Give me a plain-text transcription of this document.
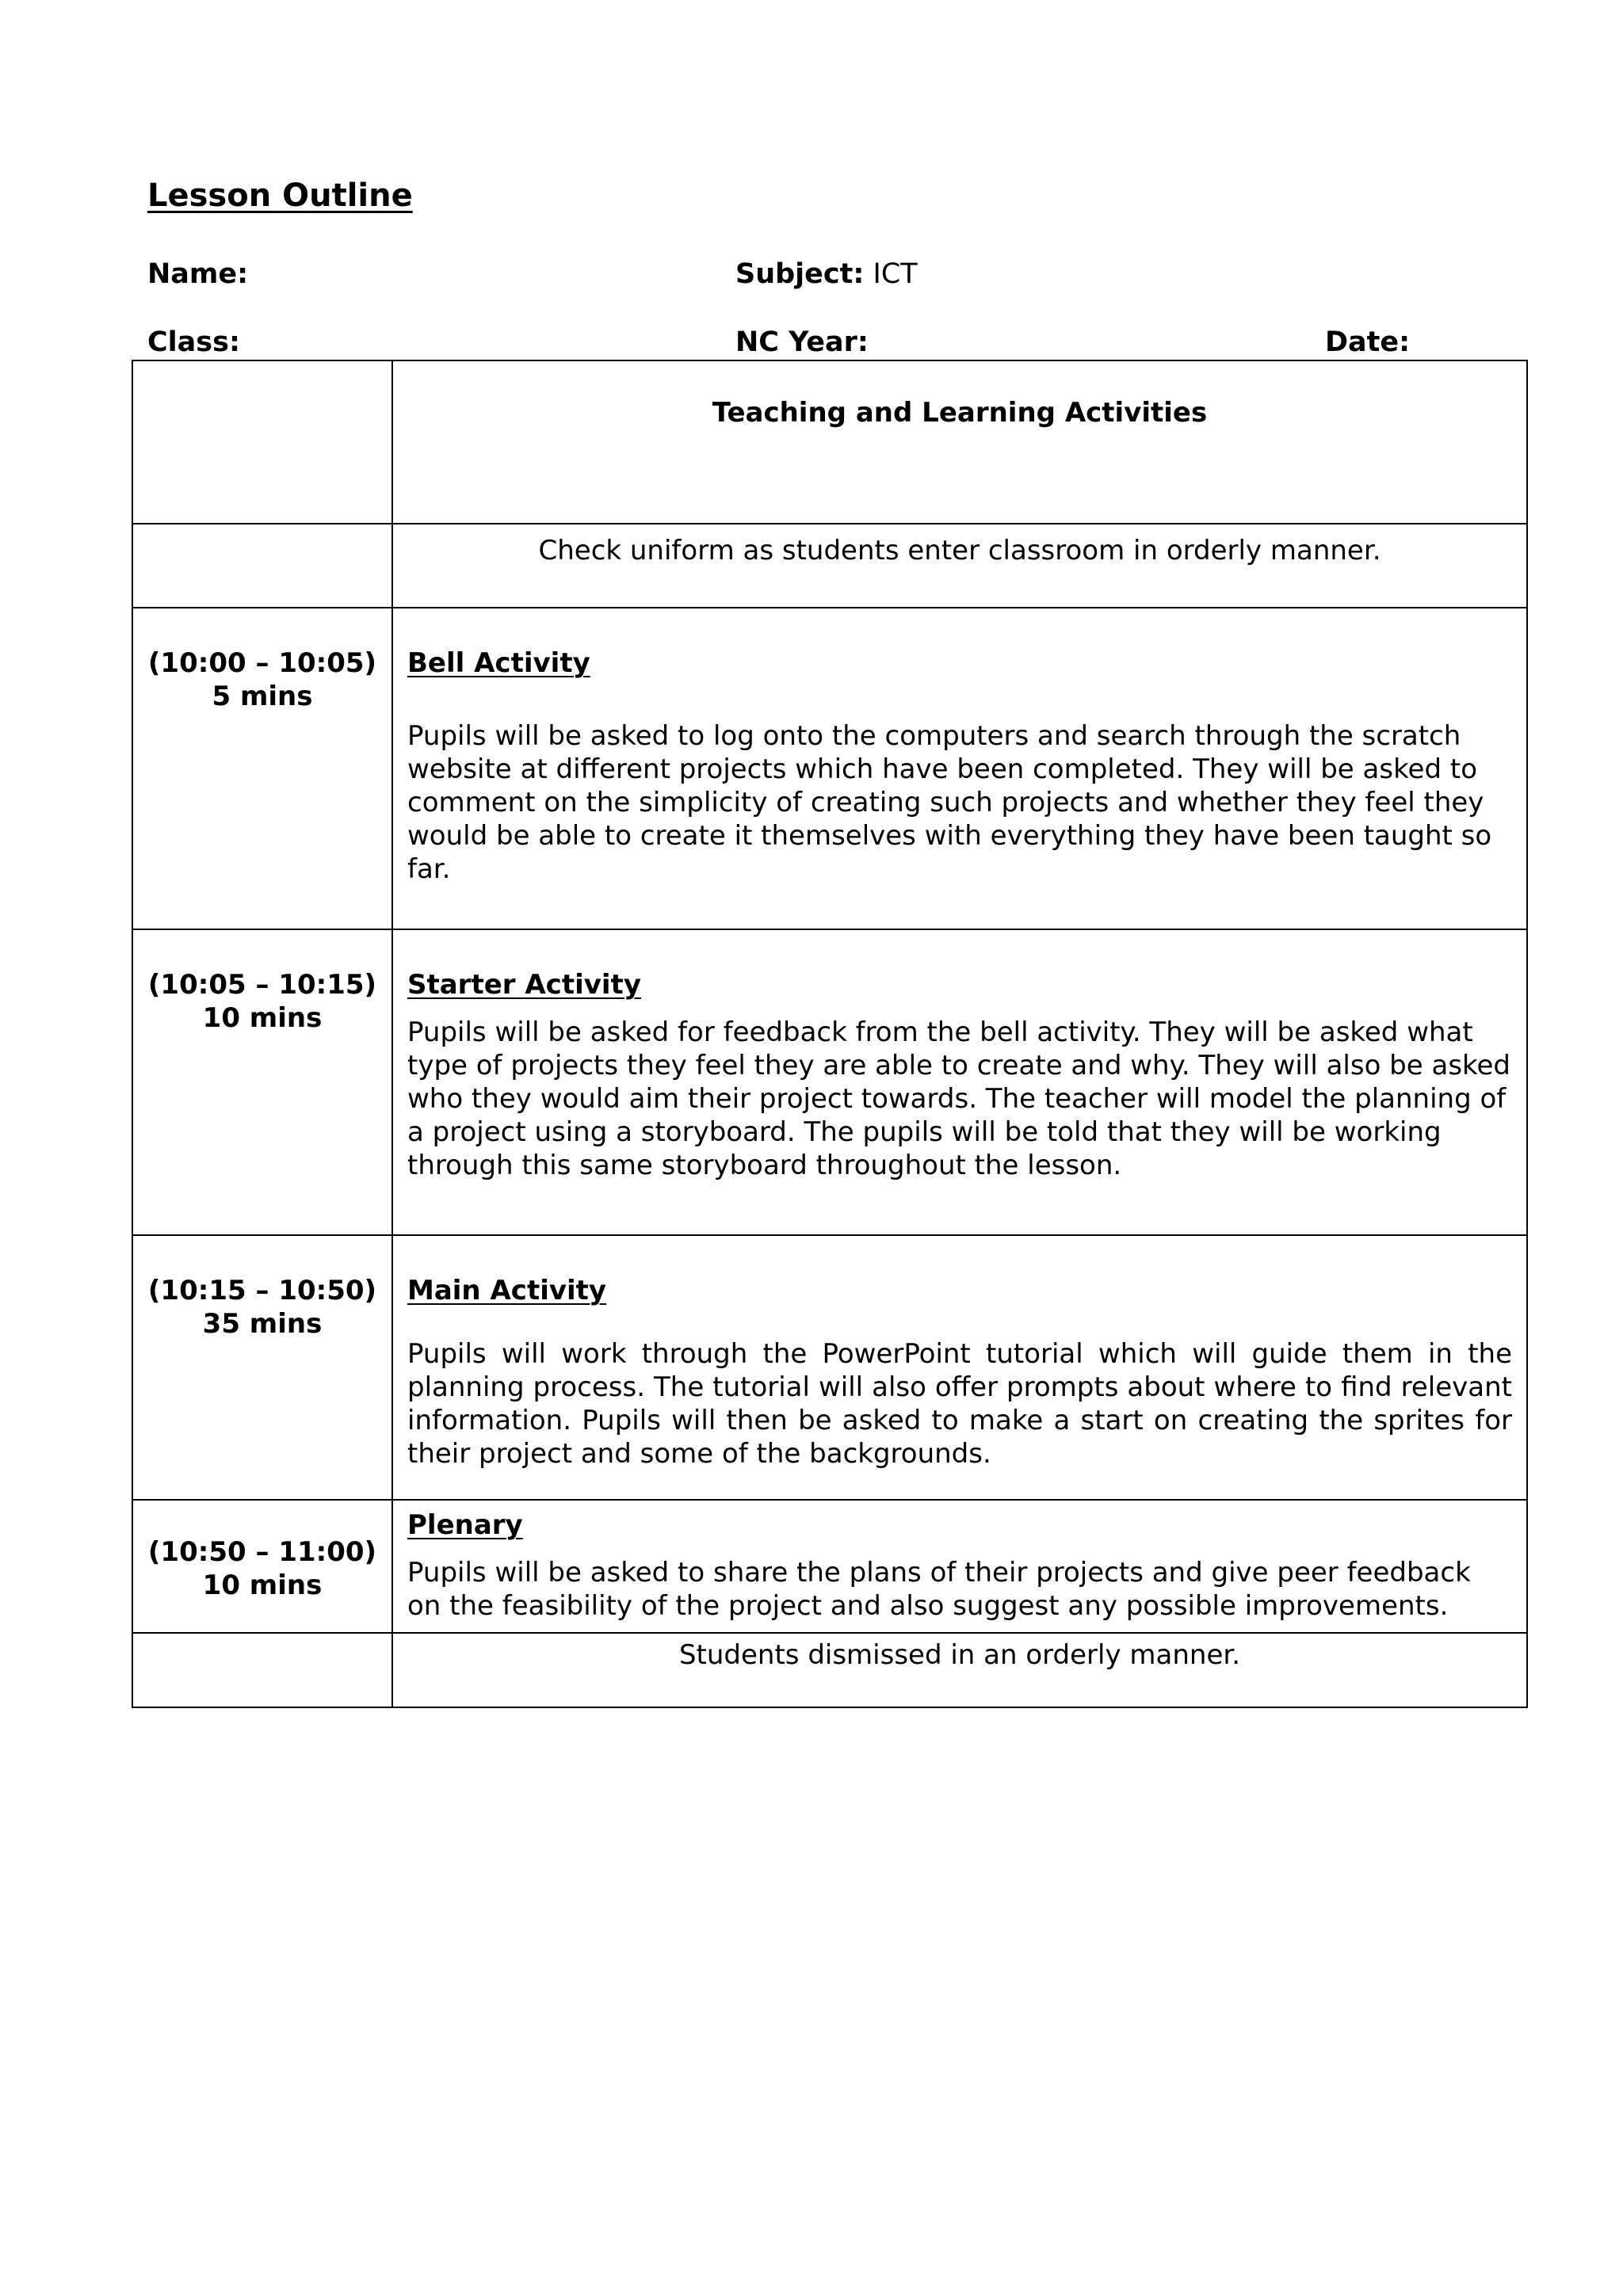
Lesson Outline
Name:	Subject: ICT
Class:	NC Year:	Date:
	Teaching and Learning Activities
	Check uniform as students enter classroom in orderly manner.

(10:00 – 10:05)
5 mins	Bell Activity
Pupils will be asked to log onto the computers and search through the scratch website at different projects which have been completed. They will be asked to comment on the simplicity of creating such projects and whether they feel they would be able to create it themselves with everything they have been taught so far.

(10:05 – 10:15)
10 mins	Starter Activity
Pupils will be asked for feedback from the bell activity. They will be asked what type of projects they feel they are able to create and why. They will also be asked who they would aim their project towards. The teacher will model the planning of a project using a storyboard. The pupils will be told that they will be working through this same storyboard throughout the lesson.

(10:15 – 10:50)
35 mins	Main Activity
Pupils will work through the PowerPoint tutorial which will guide them in the planning process. The tutorial will also offer prompts about where to find relevant information. Pupils will then be asked to make a start on creating the sprites for their project and some of the backgrounds.

(10:50 – 11:00)
10 mins	Plenary
Pupils will be asked to share the plans of their projects and give peer feedback on the feasibility of the project and also suggest any possible improvements.

	Students dismissed in an orderly manner.
